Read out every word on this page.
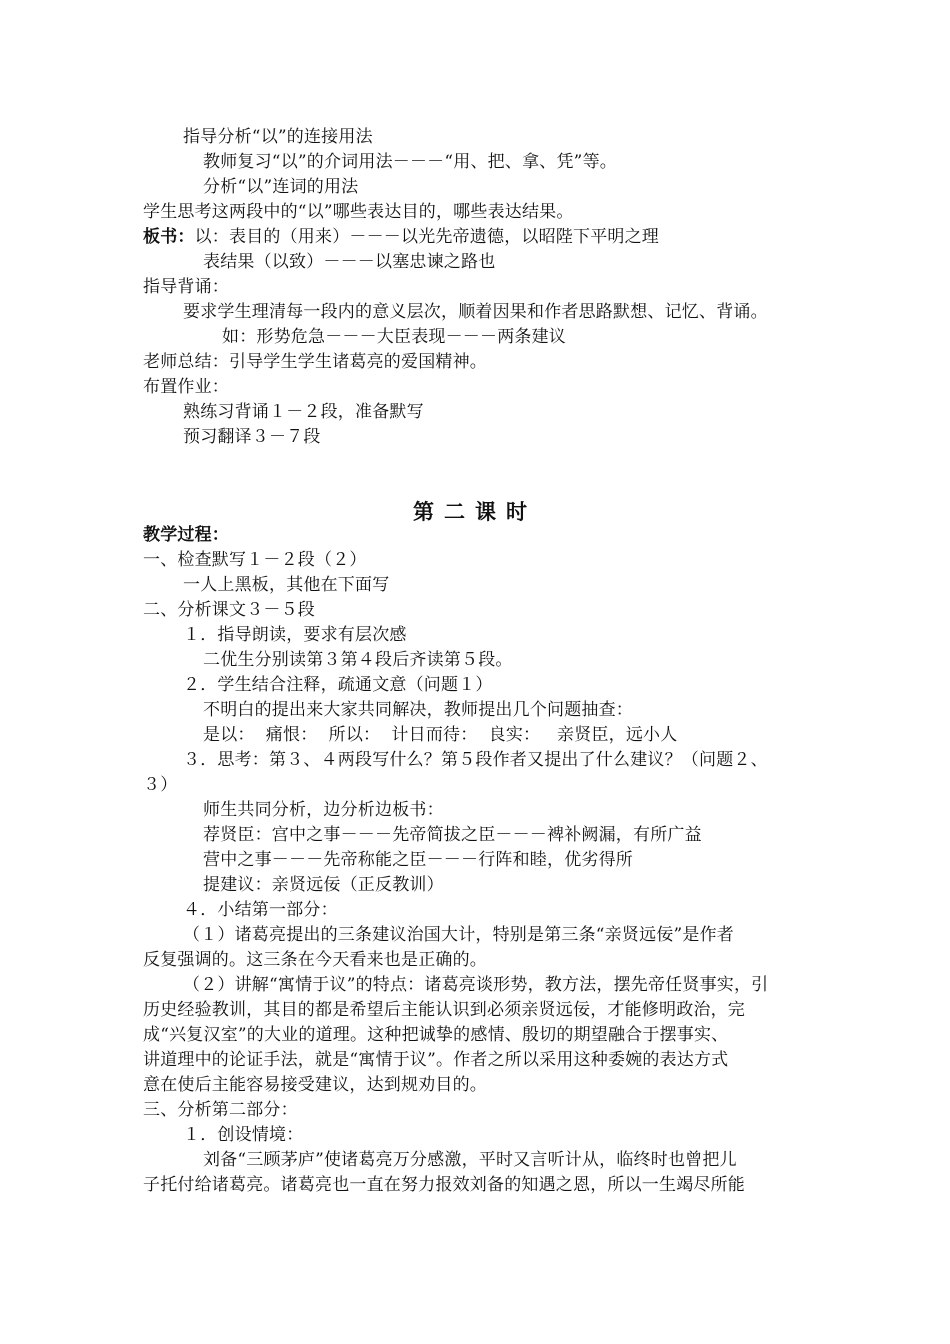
指导分析“以”的连接用法
教师复习“以”的介词用法－－－“用、把、拿、凭”等。
分析“以”连词的用法
学生思考这两段中的“以”哪些表达目的，哪些表达结果。
板书：以：表目的（用来）－－－以光先帝遗德，以昭陛下平明之理
表结果（以致）－－－以塞忠谏之路也
指导背诵：
要求学生理清每一段内的意义层次，顺着因果和作者思路默想、记忆、背诵。
如：形势危急－－－大臣表现－－－两条建议
老师总结：引导学生学生诸葛亮的爱国精神。
布置作业：
熟练习背诵１－２段，准备默写
预习翻译３－７段
第二课时
教学过程：
一、检查默写１－２段（２）
一人上黑板，其他在下面写
二、分析课文３－５段
１．指导朗读，要求有层次感
二优生分别读第３第４段后齐读第５段。
２．学生结合注释，疏通文意（问题１）
不明白的提出来大家共同解决，教师提出几个问题抽查：
是以：  痛恨：  所以：  计日而待：  良实：   亲贤臣，远小人
３．思考：第３、４两段写什么？第５段作者又提出了什么建议？（问题２、
３）
师生共同分析，边分析边板书：
荐贤臣：宫中之事－－－先帝简拔之臣－－－裨补阙漏，有所广益
营中之事－－－先帝称能之臣－－－行阵和睦，优劣得所
提建议：亲贤远佞（正反教训）
４．小结第一部分：
（１）诸葛亮提出的三条建议治国大计，特别是第三条“亲贤远佞”是作者
反复强调的。这三条在今天看来也是正确的。
（２）讲解“寓情于议”的特点：诸葛亮谈形势，教方法，摆先帝任贤事实，引
历史经验教训，其目的都是希望后主能认识到必须亲贤远佞，才能修明政治，完
成“兴复汉室”的大业的道理。这种把诚挚的感情、殷切的期望融合于摆事实、
讲道理中的论证手法，就是“寓情于议”。作者之所以采用这种委婉的表达方式
意在使后主能容易接受建议，达到规劝目的。
三、分析第二部分：
１．创设情境：
刘备“三顾茅庐”使诸葛亮万分感激，平时又言听计从，临终时也曾把儿
子托付给诸葛亮。诸葛亮也一直在努力报效刘备的知遇之恩，所以一生竭尽所能
